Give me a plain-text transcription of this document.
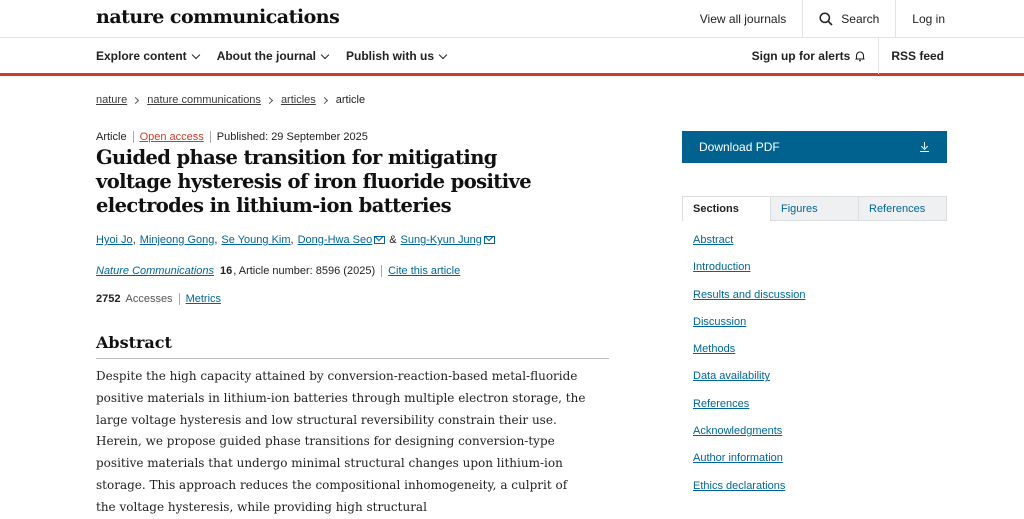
nature communications	View all journals	Search	Log in
Explore content	About the journal	Publish with us	Sign up for alerts	RSS feed
nature nature communications articles article
Article	Open access	Published: 29 September 2025
Guided phase transition for mitigating voltage hysteresis of iron fluoride positive electrodes in lithium-ion batteries
Hyoi Jo , Minjeong Gong , Se Young Kim , Dong-Hwa Seo & Sung-Kyun Jung
Nature Communications 16 , Article number: 8596 (2025)	Cite this article
2752 Accesses	Metrics
Abstract

Despite the high capacity attained by conversion-reaction-based metal-fluoride positive materials in lithium-ion batteries through multiple electron storage, the large voltage hysteresis and low structural reversibility constrain their use. Herein, we propose guided phase transitions for designing conversion-type positive materials that undergo minimal structural changes upon lithium-ion storage. This approach reduces the compositional inhomogeneity, a culprit of the voltage hysteresis, while providing high structural

Download PDF
Sections	Figures	References
Abstract
Introduction
Results and discussion
Discussion
Methods
Data availability
References
Acknowledgments
Author information
Ethics declarations
